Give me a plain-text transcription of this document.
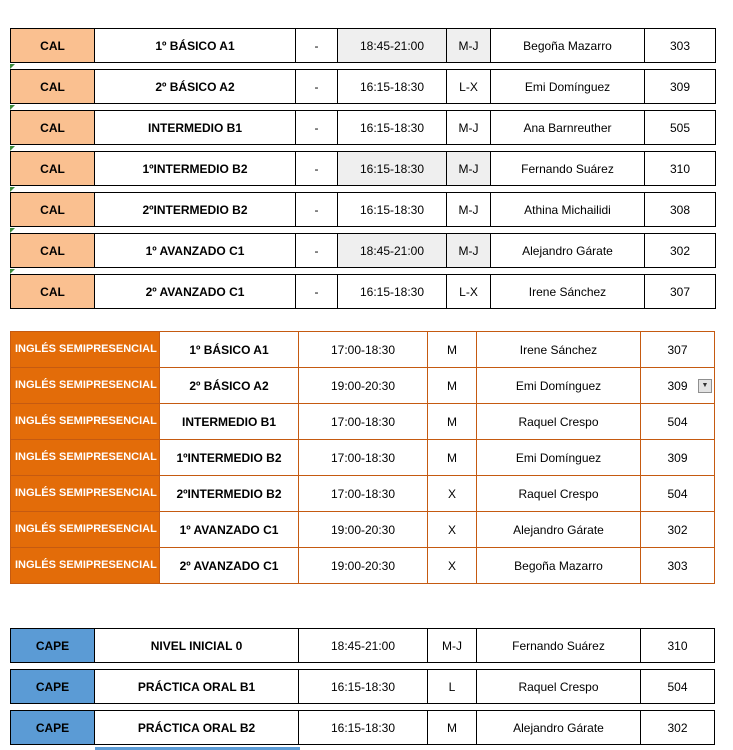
CAL	1º BÁSICO A1	-	18:45-21:00	M-J	Begoña Mazarro	303
CAL	2º BÁSICO A2	-	16:15-18:30	L-X	Emi Domínguez	309
CAL	INTERMEDIO B1	-	16:15-18:30	M-J	Ana Barnreuther	505
CAL	1ºINTERMEDIO B2	-	16:15-18:30	M-J	Fernando Suárez	310
CAL	2ºINTERMEDIO B2	-	16:15-18:30	M-J	Athina Michailidi	308
CAL	1º AVANZADO C1	-	18:45-21:00	M-J	Alejandro Gárate	302
CAL	2º AVANZADO C1	-	16:15-18:30	L-X	Irene Sánchez	307
INGLÉS SEMIPRESENCIAL	1º BÁSICO A1	17:00-18:30	M	Irene Sánchez	307
INGLÉS SEMIPRESENCIAL	2º BÁSICO A2	19:00-20:30	M	Emi Domínguez	309 ▼
INGLÉS SEMIPRESENCIAL	INTERMEDIO B1	17:00-18:30	M	Raquel Crespo	504
INGLÉS SEMIPRESENCIAL	1ºINTERMEDIO B2	17:00-18:30	M	Emi Domínguez	309
INGLÉS SEMIPRESENCIAL	2ºINTERMEDIO B2	17:00-18:30	X	Raquel Crespo	504
INGLÉS SEMIPRESENCIAL	1º AVANZADO C1	19:00-20:30	X	Alejandro Gárate	302
INGLÉS SEMIPRESENCIAL	2º AVANZADO C1	19:00-20:30	X	Begoña Mazarro	303
CAPE	NIVEL INICIAL 0	18:45-21:00	M-J	Fernando Suárez	310
CAPE	PRÁCTICA ORAL B1	16:15-18:30	L	Raquel Crespo	504
CAPE	PRÁCTICA ORAL B2	16:15-18:30	M	Alejandro Gárate	302
